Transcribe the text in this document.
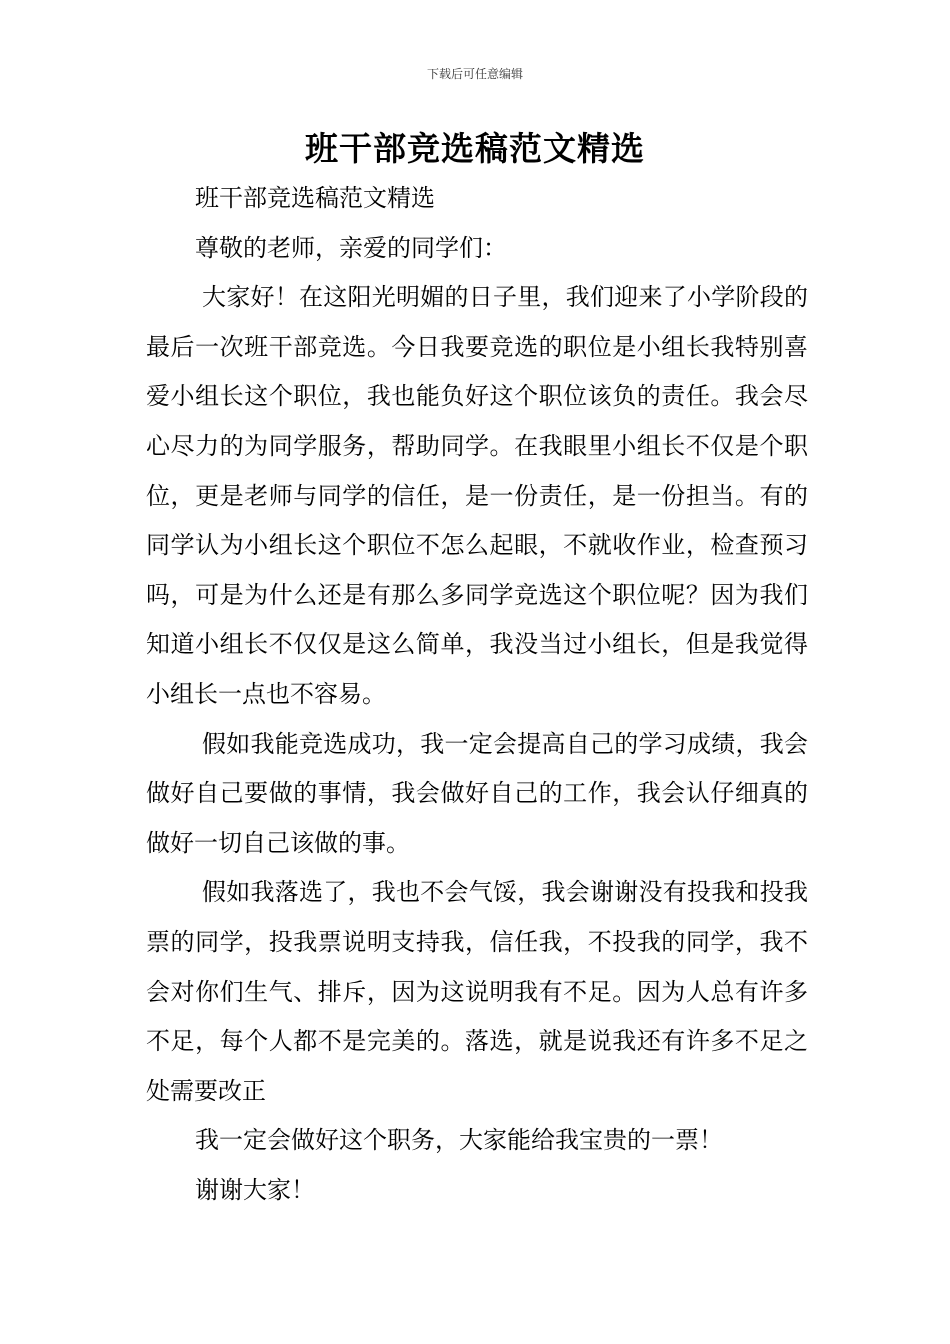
下载后可任意编辑
班干部竞选稿范文精选

班干部竞选稿范文精选

尊敬的老师，亲爱的同学们：

大家好！在这阳光明媚的日子里，我们迎来了小学阶段的最后一次班干部竞选。今日我要竞选的职位是小组长我特别喜爱小组长这个职位，我也能负好这个职位该负的责任。我会尽心尽力的为同学服务，帮助同学。在我眼里小组长不仅是个职位，更是老师与同学的信任，是一份责任，是一份担当。有的同学认为小组长这个职位不怎么起眼，不就收作业，检查预习吗，可是为什么还是有那么多同学竞选这个职位呢？因为我们知道小组长不仅仅是这么简单，我没当过小组长，但是我觉得小组长一点也不容易。

假如我能竞选成功，我一定会提高自己的学习成绩，我会做好自己要做的事情，我会做好自己的工作，我会认仔细真的做好一切自己该做的事。

假如我落选了，我也不会气馁，我会谢谢没有投我和投我票的同学，投我票说明支持我，信任我，不投我的同学，我不会对你们生气、排斥，因为这说明我有不足。因为人总有许多不足，每个人都不是完美的。落选，就是说我还有许多不足之处需要改正

我一定会做好这个职务，大家能给我宝贵的一票！

谢谢大家！
